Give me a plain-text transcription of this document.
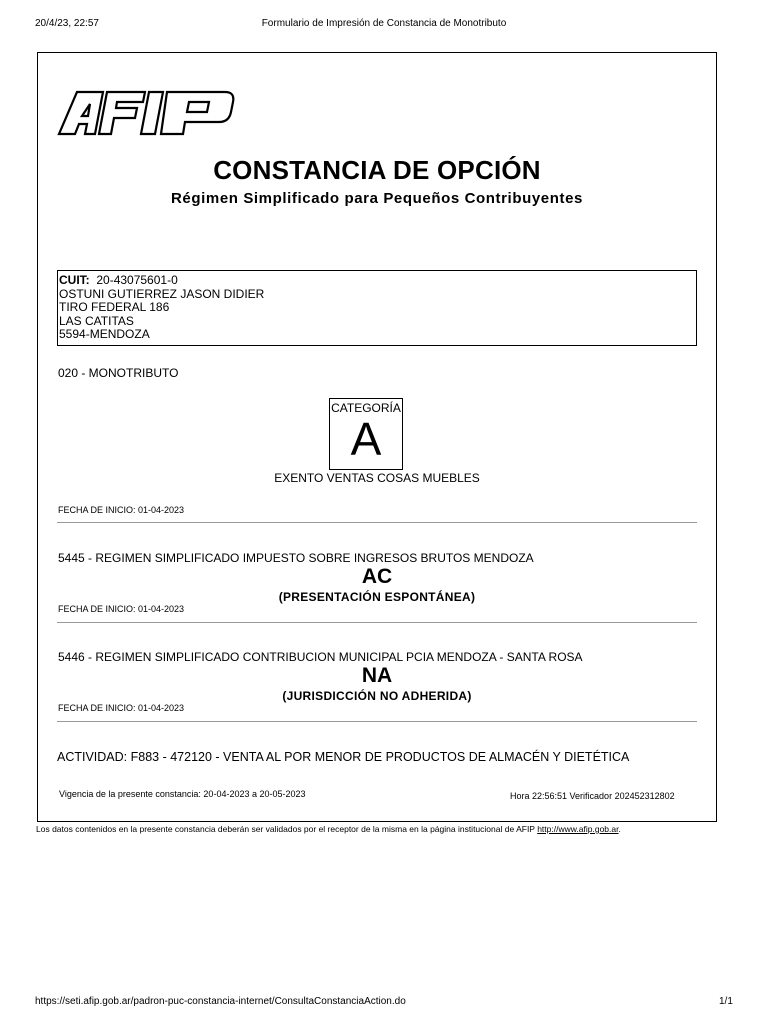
20/4/23, 22:57	Formulario de Impresión de Constancia de Monotributo
CONSTANCIA DE OPCIÓN
Régimen Simplificado para Pequeños Contribuyentes
CUIT: 20-43075601-0
OSTUNI GUTIERREZ JASON DIDIER
TIRO FEDERAL 186
LAS CATITAS
5594-MENDOZA
020 - MONOTRIBUTO
CATEGORÍA
A
EXENTO VENTAS COSAS MUEBLES
FECHA DE INICIO: 01-04-2023
5445 - REGIMEN SIMPLIFICADO IMPUESTO SOBRE INGRESOS BRUTOS MENDOZA
AC
(PRESENTACIÓN ESPONTÁNEA)
FECHA DE INICIO: 01-04-2023
5446 - REGIMEN SIMPLIFICADO CONTRIBUCION MUNICIPAL PCIA MENDOZA - SANTA ROSA
NA
(JURISDICCIÓN NO ADHERIDA)
FECHA DE INICIO: 01-04-2023
ACTIVIDAD: F883 - 472120 - VENTA AL POR MENOR DE PRODUCTOS DE ALMACÉN Y DIETÉTICA
Vigencia de la presente constancia: 20-04-2023 a 20-05-2023	Hora 22:56:51 Verificador 202452312802
Los datos contenidos en la presente constancia deberán ser validados por el receptor de la misma en la página institucional de AFIP http://www.afip.gob.ar.
https://seti.afip.gob.ar/padron-puc-constancia-internet/ConsultaConstanciaAction.do	1/1
